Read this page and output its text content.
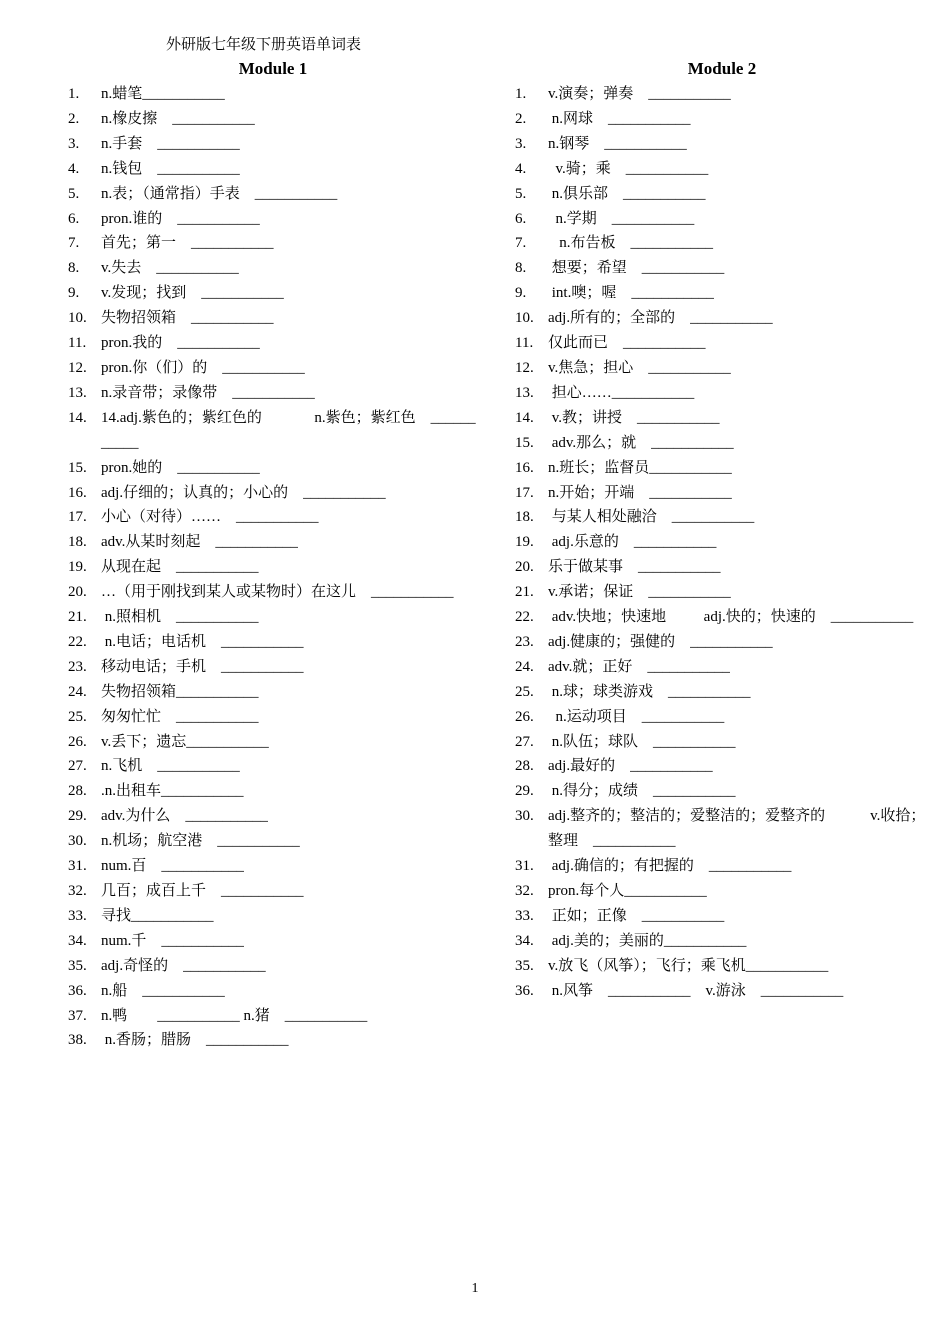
外研版七年级下册英语单词表
Module 1
1.	n.蜡笔___________
2.	n.橡皮擦    ___________
3.	n.手套    ___________
4.	n.钱包    ___________
5.	n.表；（通常指）手表    ___________
6.	pron.谁的    ___________
7.	首先；第一    ___________
8.	v.失去    ___________
9.	v.发现；找到    ___________
10. 失物招领箱    ___________
11. pron.我的    ___________
12. pron.你（们）的    ___________
13. n.录音带；录像带    ___________
14. 14.adj.紫色的；紫红色的              n.紫色；紫红色    ___________
15. pron.她的    ___________
16. adj.仔细的；认真的；小心的    ___________
17. 小心（对待）……    ___________
18. adv.从某时刻起    ___________
19. 从现在起    ___________
20. …（用于刚找到某人或某物时）在这儿    ___________
21. n.照相机    ___________
22. n.电话；电话机    ___________
23. 移动电话；手机    ___________
24. 失物招领箱___________
25. 匆匆忙忙    ___________
26. v.丢下；遗忘___________
27. n.飞机    ___________
28. .n.出租车___________
29. adv.为什么    ___________
30. n.机场；航空港    ___________
31. num.百    ___________
32. 几百；成百上千    ___________
33. 寻找___________
34. num.千    ___________
35. adj.奇怪的    ___________
36. n.船    ___________
37. n.鸭        ___________ n.猪    ___________
38. n.香肠；腊肠    ___________
Module 2
1.	v.演奏；弹奏    ___________
2.	n.网球    ___________
3.	n.钢琴    ___________
4.	v.骑；乘    ___________
5.	n.俱乐部    ___________
6.	n.学期    ___________
7.	n.布告板    ___________
8.	想要；希望    ___________
9.	int.噢；喔    ___________
10. adj.所有的；全部的    ___________
11. 仅此而已    ___________
12. v.焦急；担心    ___________
13. 担心……___________
14. v.教；讲授    ___________
15. adv.那么；就    ___________
16. n.班长；监督员___________
17. n.开始；开端    ___________
18. 与某人相处融洽    ___________
19. adj.乐意的    ___________
20. 乐于做某事    ___________
21. v.承诺；保证    ___________
22. adv.快地；快速地          adj.快的；快速的    ___________
23. adj.健康的；强健的    ___________
24. adv.就；正好    ___________
25. n.球；球类游戏    ___________
26. n.运动项目    ___________
27. n.队伍；球队    ___________
28. adj.最好的    ___________
29. n.得分；成绩    ___________
30. adj.整齐的；整洁的；爱整洁的；爱整齐的            v.收拾；整理    ___________
31. adj.确信的；有把握的    ___________
32. pron.每个人___________
33. 正如；正像    ___________
34. adj.美的；美丽的___________
35. v.放飞（风筝）；飞行；乘飞机___________
36. n.风筝    ___________    v.游泳    ___________
1
